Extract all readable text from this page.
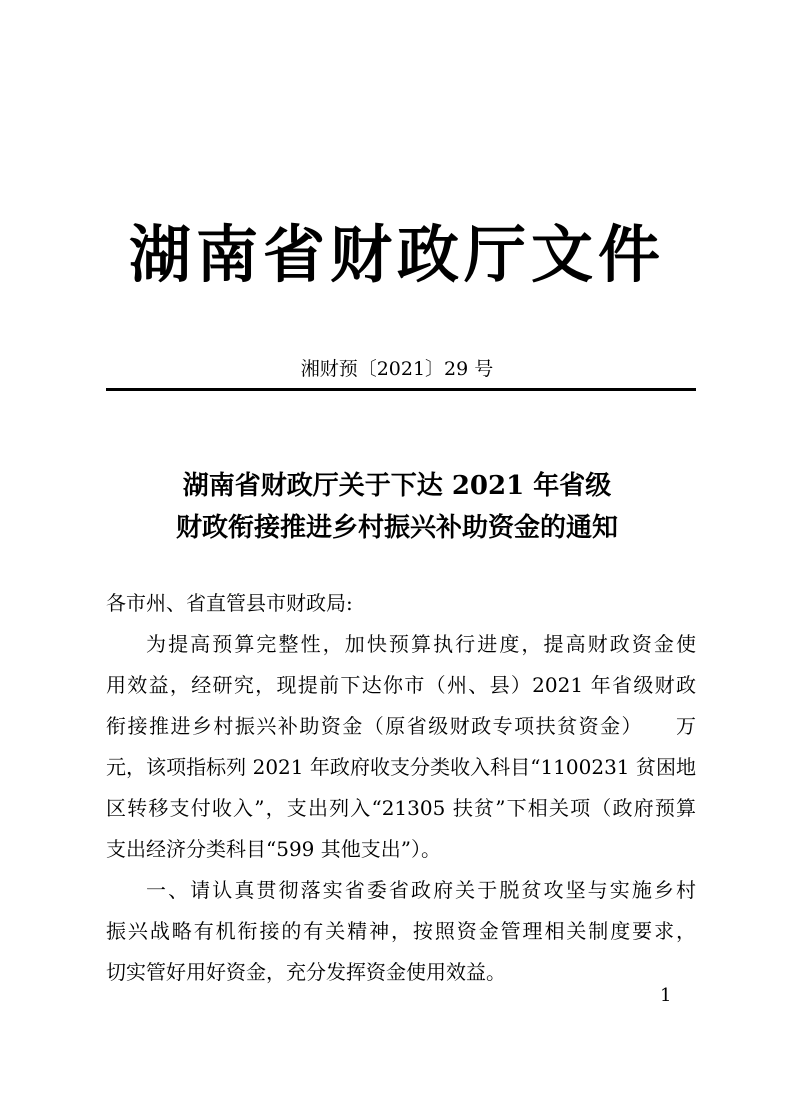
湖南省财政厅文件
湘财预〔2021〕29 号
湖南省财政厅关于下达 2021 年省级
财政衔接推进乡村振兴补助资金的通知
各市州、省直管县市财政局:
为提高预算完整性，加快预算执行进度，提高财政资金使
用效益，经研究，现提前下达你市（州、县）2021 年省级财政
衔接推进乡村振兴补助资金（原省级财政专项扶贫资金）　　万
元，该项指标列 2021 年政府收支分类收入科目“1100231 贫困地
区转移支付收入”，支出列入“21305 扶贫”下相关项（政府预算
支出经济分类科目“599 其他支出”）。
一、请认真贯彻落实省委省政府关于脱贫攻坚与实施乡村
振兴战略有机衔接的有关精神，按照资金管理相关制度要求，
切实管好用好资金，充分发挥资金使用效益。
1
